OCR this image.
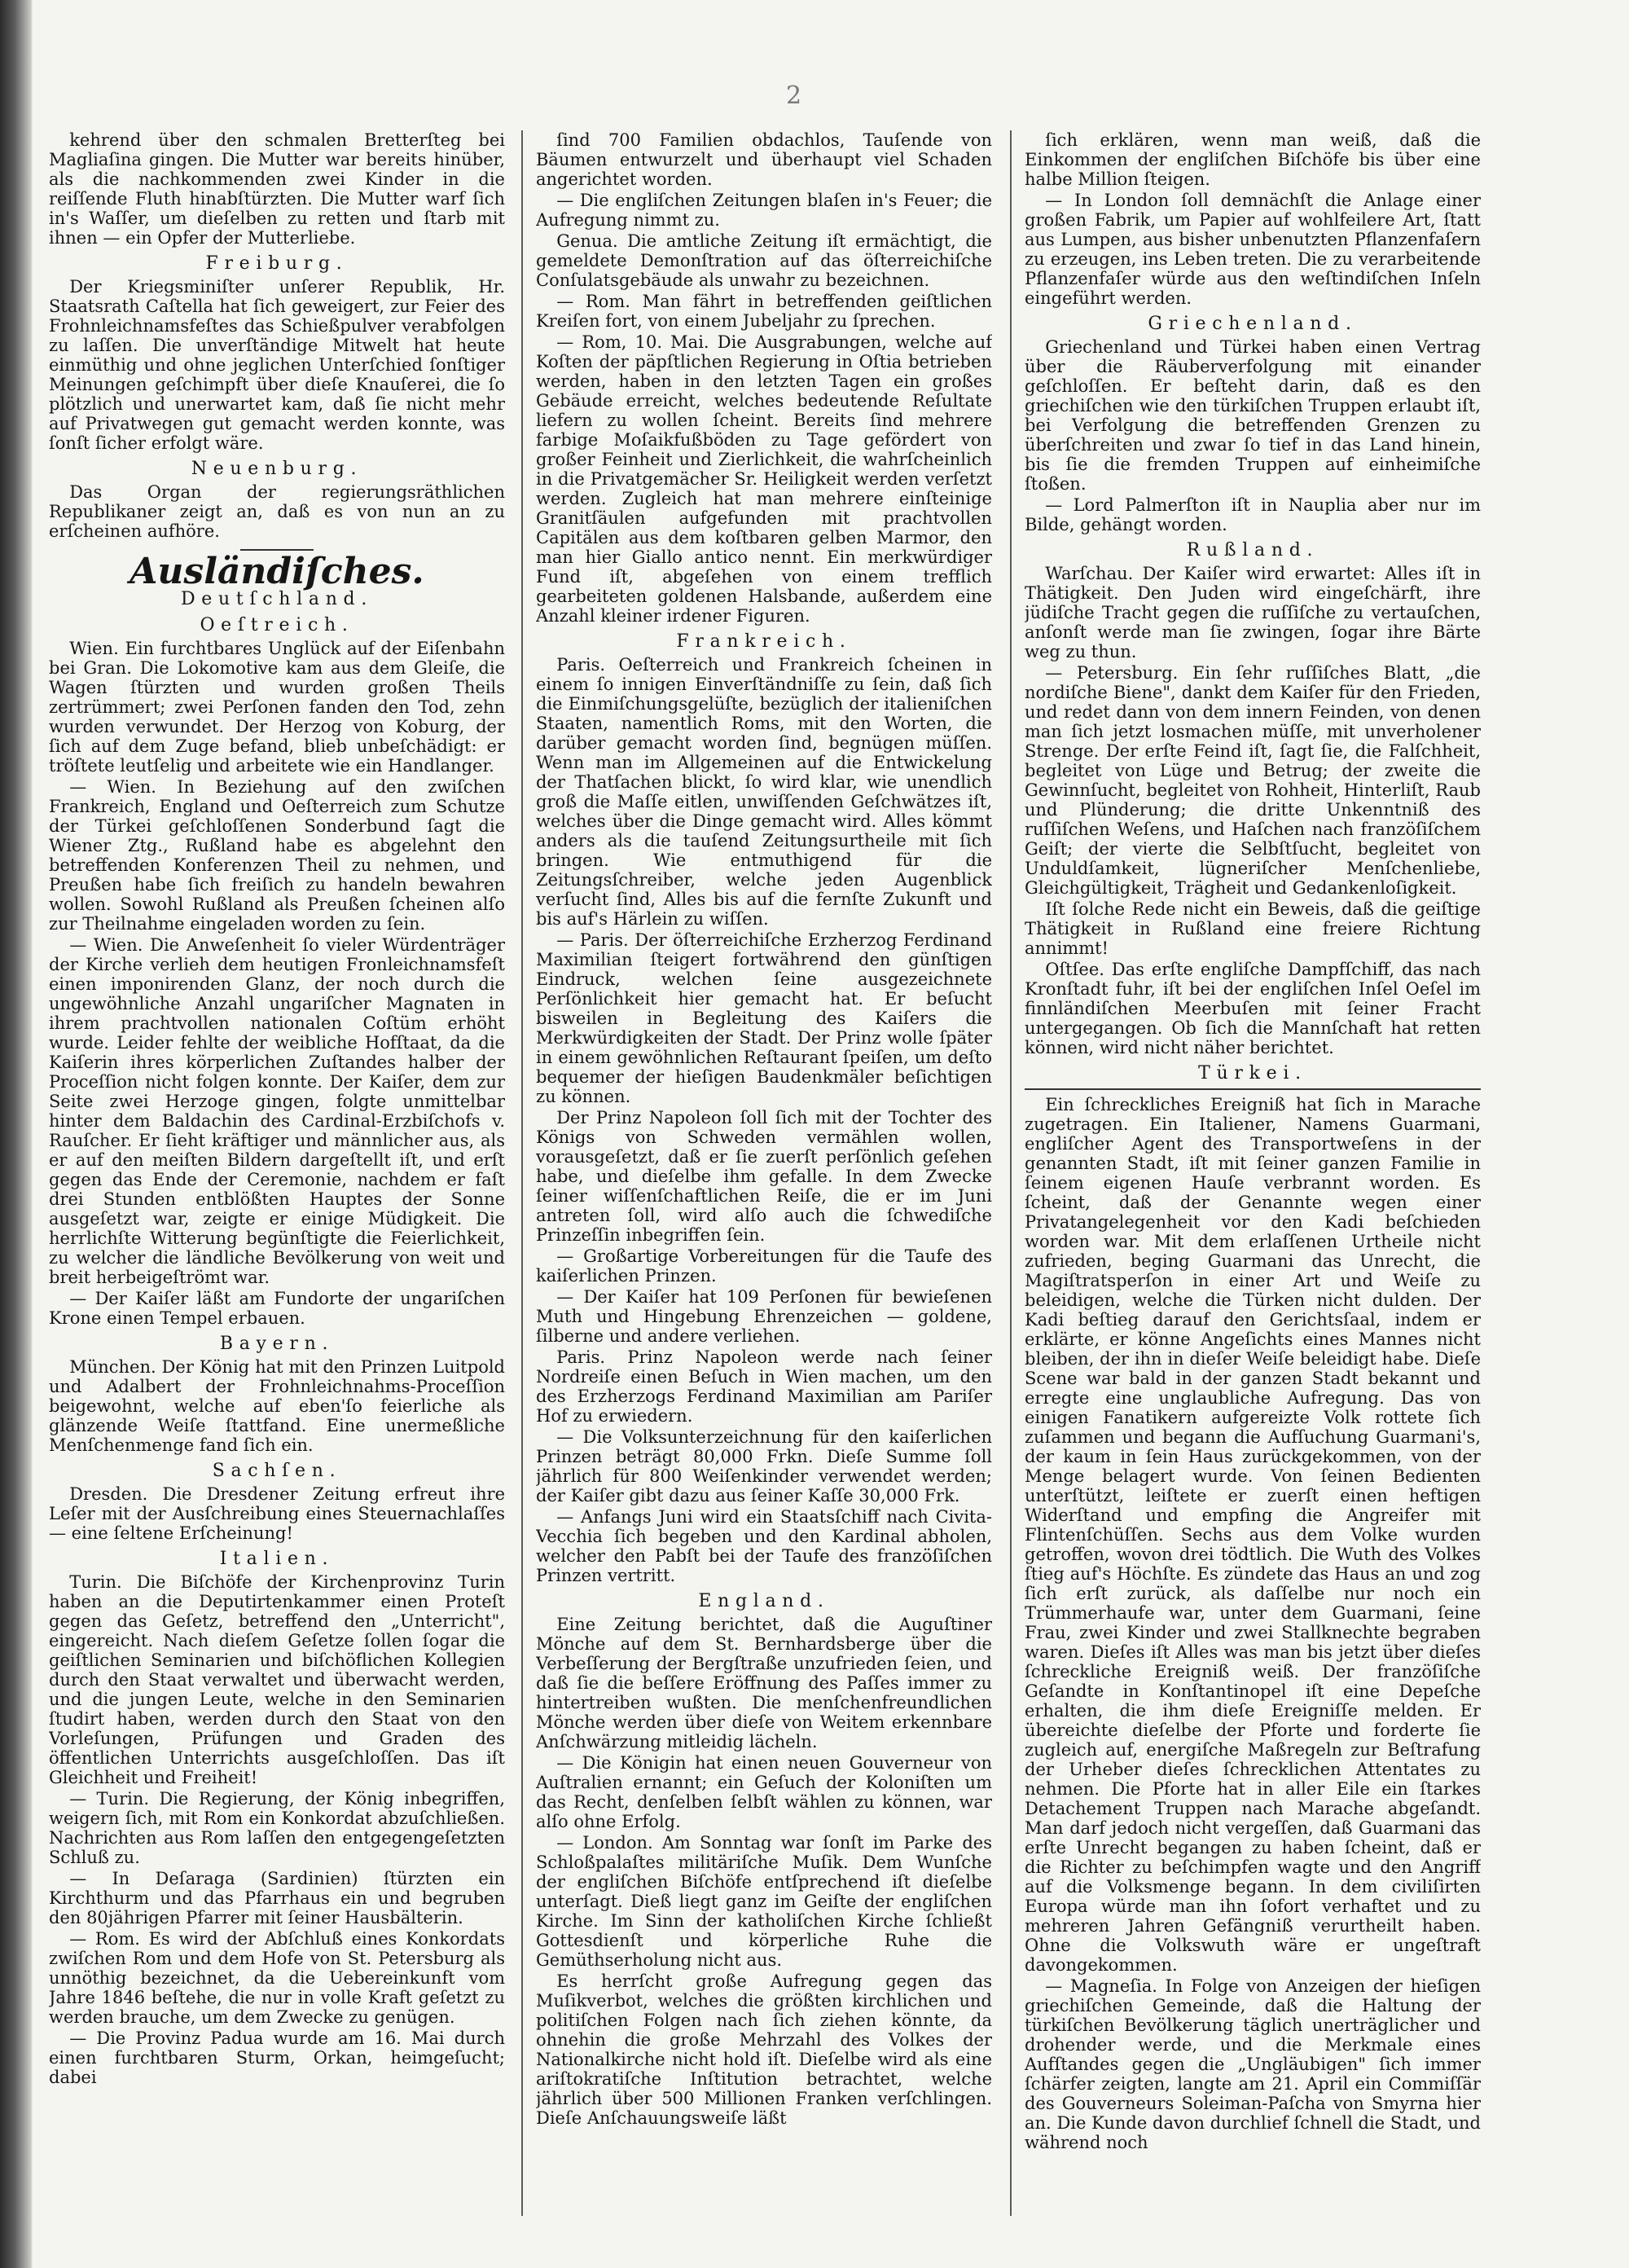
2

kehrend über den schmalen Bretterſteg bei Magliaſina gingen. Die Mutter war bereits hinüber, als die nachkommenden zwei Kinder in die reiſſende Fluth hinabſtürzten. Die Mutter warf ſich in's Waſſer, um dieſelben zu retten und ſtarb mit ihnen — ein Opfer der Mutterliebe.

Freiburg.

Der Kriegsminiſter unſerer Republik, Hr. Staatsrath Caſtella hat ſich geweigert, zur Feier des Frohnleichnamsfeſtes das Schießpulver verabfolgen zu laſſen. Die unverſtändige Mitwelt hat heute einmüthig und ohne jeglichen Unterſchied ſonſtiger Meinungen geſchimpft über dieſe Knauſerei, die ſo plötzlich und unerwartet kam, daß ſie nicht mehr auf Privatwegen gut gemacht werden konnte, was ſonſt ſicher erfolgt wäre.

Neuenburg.

Das Organ der regierungsräthlichen Republikaner zeigt an, daß es von nun an zu erſcheinen aufhöre.

Ausländiſches.
Deutſchland.
Oeſtreich.

Wien. Ein furchtbares Unglück auf der Eiſenbahn bei Gran. Die Lokomotive kam aus dem Gleiſe, die Wagen ſtürzten und wurden großen Theils zertrümmert; zwei Perſonen fanden den Tod, zehn wurden verwundet. Der Herzog von Koburg, der ſich auf dem Zuge befand, blieb unbeſchädigt: er tröſtete leutſelig und arbeitete wie ein Handlanger.

— Wien. In Beziehung auf den zwiſchen Frankreich, England und Oeſterreich zum Schutze der Türkei geſchloſſenen Sonderbund ſagt die Wiener Ztg., Rußland habe es abgelehnt den betreffenden Konferenzen Theil zu nehmen, und Preußen habe ſich freiſich zu handeln bewahren wollen. Sowohl Rußland als Preußen ſcheinen alſo zur Theilnahme eingeladen worden zu ſein.

— Wien. Die Anweſenheit ſo vieler Würdenträger der Kirche verlieh dem heutigen Fronleichnamsfeſt einen imponirenden Glanz, der noch durch die ungewöhnliche Anzahl ungariſcher Magnaten in ihrem prachtvollen nationalen Coſtüm erhöht wurde. Leider fehlte der weibliche Hofſtaat, da die Kaiſerin ihres körperlichen Zuſtandes halber der Proceſſion nicht folgen konnte. Der Kaiſer, dem zur Seite zwei Herzoge gingen, folgte unmittelbar hinter dem Baldachin des Cardinal-Erzbiſchofs v. Rauſcher. Er ſieht kräftiger und männlicher aus, als er auf den meiſten Bildern dargeſtellt iſt, und erſt gegen das Ende der Ceremonie, nachdem er faſt drei Stunden entblößten Hauptes der Sonne ausgeſetzt war, zeigte er einige Müdigkeit. Die herrlichſte Witterung begünſtigte die Feierlichkeit, zu welcher die ländliche Bevölkerung von weit und breit herbeigeſtrömt war.

— Der Kaiſer läßt am Fundorte der ungariſchen Krone einen Tempel erbauen.

Bayern.

München. Der König hat mit den Prinzen Luitpold und Adalbert der Frohnleichnahms-Proceſſion beigewohnt, welche auf eben'ſo feierliche als glänzende Weiſe ſtattfand. Eine unermeßliche Menſchenmenge fand ſich ein.

Sachſen.

Dresden. Die Dresdener Zeitung erfreut ihre Leſer mit der Ausſchreibung eines Steuernachlaſſes — eine ſeltene Erſcheinung!

Italien.

Turin. Die Biſchöfe der Kirchenprovinz Turin haben an die Deputirtenkammer einen Proteſt gegen das Geſetz, betreffend den „Unterricht", eingereicht. Nach dieſem Geſetze ſollen ſogar die geiſtlichen Seminarien und biſchöflichen Kollegien durch den Staat verwaltet und überwacht werden, und die jungen Leute, welche in den Seminarien ſtudirt haben, werden durch den Staat von den Vorleſungen, Prüfungen und Graden des öffentlichen Unterrichts ausgeſchloſſen. Das iſt Gleichheit und Freiheit!

— Turin. Die Regierung, der König inbegriffen, weigern ſich, mit Rom ein Konkordat abzuſchließen. Nachrichten aus Rom laſſen den entgegengeſetzten Schluß zu.

— In Deſaraga (Sardinien) ſtürzten ein Kirchthurm und das Pfarrhaus ein und begruben den 80jährigen Pfarrer mit ſeiner Hausbälterin.

— Rom. Es wird der Abſchluß eines Konkordats zwiſchen Rom und dem Hofe von St. Petersburg als unnöthig bezeichnet, da die Uebereinkunft vom Jahre 1846 beſtehe, die nur in volle Kraft geſetzt zu werden brauche, um dem Zwecke zu genügen.

— Die Provinz Padua wurde am 16. Mai durch einen furchtbaren Sturm, Orkan, heimgeſucht; dabei

ſind 700 Familien obdachlos, Tauſende von Bäumen entwurzelt und überhaupt viel Schaden angerichtet worden.

— Die engliſchen Zeitungen blaſen in's Feuer; die Aufregung nimmt zu.

Genua. Die amtliche Zeitung iſt ermächtigt, die gemeldete Demonſtration auf das öſterreichiſche Conſulatsgebäude als unwahr zu bezeichnen.

— Rom. Man fährt in betreffenden geiſtlichen Kreiſen fort, von einem Jubeljahr zu ſprechen.

— Rom, 10. Mai. Die Ausgrabungen, welche auf Koſten der päpſtlichen Regierung in Oſtia betrieben werden, haben in den letzten Tagen ein großes Gebäude erreicht, welches bedeutende Reſultate liefern zu wollen ſcheint. Bereits ſind mehrere farbige Moſaikfußböden zu Tage gefördert von großer Feinheit und Zierlichkeit, die wahrſcheinlich in die Privatgemächer Sr. Heiligkeit werden verſetzt werden. Zugleich hat man mehrere einſteinige Granitſäulen aufgefunden mit prachtvollen Capitälen aus dem koſtbaren gelben Marmor, den man hier Giallo antico nennt. Ein merkwürdiger Fund iſt, abgeſehen von einem trefflich gearbeiteten goldenen Halsbande, außerdem eine Anzahl kleiner irdener Figuren.

Frankreich.

Paris. Oeſterreich und Frankreich ſcheinen in einem ſo innigen Einverſtändniſſe zu ſein, daß ſich die Einmiſchungsgelüſte, bezüglich der italieniſchen Staaten, namentlich Roms, mit den Worten, die darüber gemacht worden ſind, begnügen müſſen. Wenn man im Allgemeinen auf die Entwickelung der Thatſachen blickt, ſo wird klar, wie unendlich groß die Maſſe eitlen, unwiſſenden Geſchwätzes iſt, welches über die Dinge gemacht wird. Alles kömmt anders als die tauſend Zeitungsurtheile mit ſich bringen. Wie entmuthigend für die Zeitungsſchreiber, welche jeden Augenblick verſucht ſind, Alles bis auf die fernſte Zukunft und bis auf's Härlein zu wiſſen.

— Paris. Der öſterreichiſche Erzherzog Ferdinand Maximilian ſteigert fortwährend den günſtigen Eindruck, welchen ſeine ausgezeichnete Perſönlichkeit hier gemacht hat. Er beſucht bisweilen in Begleitung des Kaiſers die Merkwürdigkeiten der Stadt. Der Prinz wolle ſpäter in einem gewöhnlichen Reſtaurant ſpeiſen, um deſto bequemer der hieſigen Baudenkmäler beſichtigen zu können.

Der Prinz Napoleon ſoll ſich mit der Tochter des Königs von Schweden vermählen wollen, vorausgeſetzt, daß er ſie zuerſt perſönlich geſehen habe, und dieſelbe ihm gefalle. In dem Zwecke ſeiner wiſſenſchaftlichen Reiſe, die er im Juni antreten ſoll, wird alſo auch die ſchwediſche Prinzeſſin inbegriffen ſein.

— Großartige Vorbereitungen für die Taufe des kaiſerlichen Prinzen.

— Der Kaiſer hat 109 Perſonen für bewieſenen Muth und Hingebung Ehrenzeichen — goldene, ſilberne und andere verliehen.

Paris. Prinz Napoleon werde nach ſeiner Nordreiſe einen Beſuch in Wien machen, um den des Erzherzogs Ferdinand Maximilian am Pariſer Hof zu erwiedern.

— Die Volksunterzeichnung für den kaiſerlichen Prinzen beträgt 80,000 Frkn. Dieſe Summe ſoll jährlich für 800 Weiſenkinder verwendet werden; der Kaiſer gibt dazu aus ſeiner Kaſſe 30,000 Frk.

— Anfangs Juni wird ein Staatsſchiff nach Civita-Vecchia ſich begeben und den Kardinal abholen, welcher den Pabſt bei der Taufe des franzöſiſchen Prinzen vertritt.

England.

Eine Zeitung berichtet, daß die Auguſtiner Mönche auf dem St. Bernhardsberge über die Verbeſſerung der Bergſtraße unzufrieden ſeien, und daß ſie die beſſere Eröffnung des Paſſes immer zu hintertreiben wußten. Die menſchenfreundlichen Mönche werden über dieſe von Weitem erkennbare Anſchwärzung mitleidig lächeln.

— Die Königin hat einen neuen Gouverneur von Auſtralien ernannt; ein Geſuch der Koloniſten um das Recht, denſelben ſelbſt wählen zu können, war alſo ohne Erfolg.

— London. Am Sonntag war ſonſt im Parke des Schloßpalaſtes militäriſche Muſik. Dem Wunſche der engliſchen Biſchöfe entſprechend iſt dieſelbe unterſagt. Dieß liegt ganz im Geiſte der engliſchen Kirche. Im Sinn der katholiſchen Kirche ſchließt Gottesdienſt und körperliche Ruhe die Gemüthserholung nicht aus.

Es herrſcht große Aufregung gegen das Muſikverbot, welches die größten kirchlichen und politiſchen Folgen nach ſich ziehen könnte, da ohnehin die große Mehrzahl des Volkes der Nationalkirche nicht hold iſt. Dieſelbe wird als eine ariſtokratiſche Inſtitution betrachtet, welche jährlich über 500 Millionen Franken verſchlingen. Dieſe Anſchauungsweiſe läßt

ſich erklären, wenn man weiß, daß die Einkommen der engliſchen Biſchöfe bis über eine halbe Million ſteigen.

— In London ſoll demnächſt die Anlage einer großen Fabrik, um Papier auf wohlfeilere Art, ſtatt aus Lumpen, aus bisher unbenutzten Pflanzenfaſern zu erzeugen, ins Leben treten. Die zu verarbeitende Pflanzenfaſer würde aus den weſtindiſchen Inſeln eingeführt werden.

Griechenland.

Griechenland und Türkei haben einen Vertrag über die Räuberverfolgung mit einander geſchloſſen. Er beſteht darin, daß es den griechiſchen wie den türkiſchen Truppen erlaubt iſt, bei Verfolgung die betreffenden Grenzen zu überſchreiten und zwar ſo tief in das Land hinein, bis ſie die fremden Truppen auf einheimiſche ſtoßen.

— Lord Palmerſton iſt in Nauplia aber nur im Bilde, gehängt worden.

Rußland.

Warſchau. Der Kaiſer wird erwartet: Alles iſt in Thätigkeit. Den Juden wird eingeſchärft, ihre jüdiſche Tracht gegen die ruſſiſche zu vertauſchen, anſonſt werde man ſie zwingen, ſogar ihre Bärte weg zu thun.

— Petersburg. Ein ſehr ruſſiſches Blatt, „die nordiſche Biene", dankt dem Kaiſer für den Frieden, und redet dann von dem innern Feinden, von denen man ſich jetzt losmachen müſſe, mit unverholener Strenge. Der erſte Feind iſt, ſagt ſie, die Falſchheit, begleitet von Lüge und Betrug; der zweite die Gewinnſucht, begleitet von Rohheit, Hinterliſt, Raub und Plünderung; die dritte Unkenntniß des ruſſiſchen Weſens, und Haſchen nach franzöſiſchem Geiſt; der vierte die Selbſtſucht, begleitet von Unduldſamkeit, lügneriſcher Menſchenliebe, Gleichgültigkeit, Trägheit und Gedankenloſigkeit.

Iſt ſolche Rede nicht ein Beweis, daß die geiſtige Thätigkeit in Rußland eine freiere Richtung annimmt!

Oſtſee. Das erſte engliſche Dampfſchiff, das nach Kronſtadt fuhr, iſt bei der engliſchen Inſel Oeſel im finnländiſchen Meerbuſen mit ſeiner Fracht untergegangen. Ob ſich die Mannſchaft hat retten können, wird nicht näher berichtet.

Türkei.

Ein ſchreckliches Ereigniß hat ſich in Marache zugetragen. Ein Italiener, Namens Guarmani, engliſcher Agent des Transportweſens in der genannten Stadt, iſt mit ſeiner ganzen Familie in ſeinem eigenen Hauſe verbrannt worden. Es ſcheint, daß der Genannte wegen einer Privatangelegenheit vor den Kadi beſchieden worden war. Mit dem erlaſſenen Urtheile nicht zufrieden, beging Guarmani das Unrecht, die Magiſtratsperſon in einer Art und Weiſe zu beleidigen, welche die Türken nicht dulden. Der Kadi beſtieg darauf den Gerichtsſaal, indem er erklärte, er könne Angeſichts eines Mannes nicht bleiben, der ihn in dieſer Weiſe beleidigt habe. Dieſe Scene war bald in der ganzen Stadt bekannt und erregte eine unglaubliche Aufregung. Das von einigen Fanatikern aufgereizte Volk rottete ſich zuſammen und begann die Aufſuchung Guarmani's, der kaum in ſein Haus zurückgekommen, von der Menge belagert wurde. Von ſeinen Bedienten unterſtützt, leiſtete er zuerſt einen heftigen Widerſtand und empfing die Angreifer mit Flintenſchüſſen. Sechs aus dem Volke wurden getroffen, wovon drei tödtlich. Die Wuth des Volkes ſtieg auf's Höchſte. Es zündete das Haus an und zog ſich erſt zurück, als daſſelbe nur noch ein Trümmerhaufe war, unter dem Guarmani, ſeine Frau, zwei Kinder und zwei Stallknechte begraben waren. Dieſes iſt Alles was man bis jetzt über dieſes ſchreckliche Ereigniß weiß. Der franzöſiſche Geſandte in Konſtantinopel iſt eine Depeſche erhalten, die ihm dieſe Ereigniſſe melden. Er übereichte dieſelbe der Pforte und forderte ſie zugleich auf, energiſche Maßregeln zur Beſtrafung der Urheber dieſes ſchrecklichen Attentates zu nehmen. Die Pforte hat in aller Eile ein ſtarkes Detachement Truppen nach Marache abgeſandt. Man darf jedoch nicht vergeſſen, daß Guarmani das erſte Unrecht begangen zu haben ſcheint, daß er die Richter zu beſchimpfen wagte und den Angriff auf die Volksmenge begann. In dem civiliſirten Europa würde man ihn ſofort verhaftet und zu mehreren Jahren Gefängniß verurtheilt haben. Ohne die Volkswuth wäre er ungeſtraft davongekommen.

— Magneſia. In Folge von Anzeigen der hieſigen griechiſchen Gemeinde, daß die Haltung der türkiſchen Bevölkerung täglich unerträglicher und drohender werde, und die Merkmale eines Aufſtandes gegen die „Ungläubigen" ſich immer ſchärfer zeigten, langte am 21. April ein Commiſſär des Gouverneurs Soleiman-Paſcha von Smyrna hier an. Die Kunde davon durchlief ſchnell die Stadt, und während noch
